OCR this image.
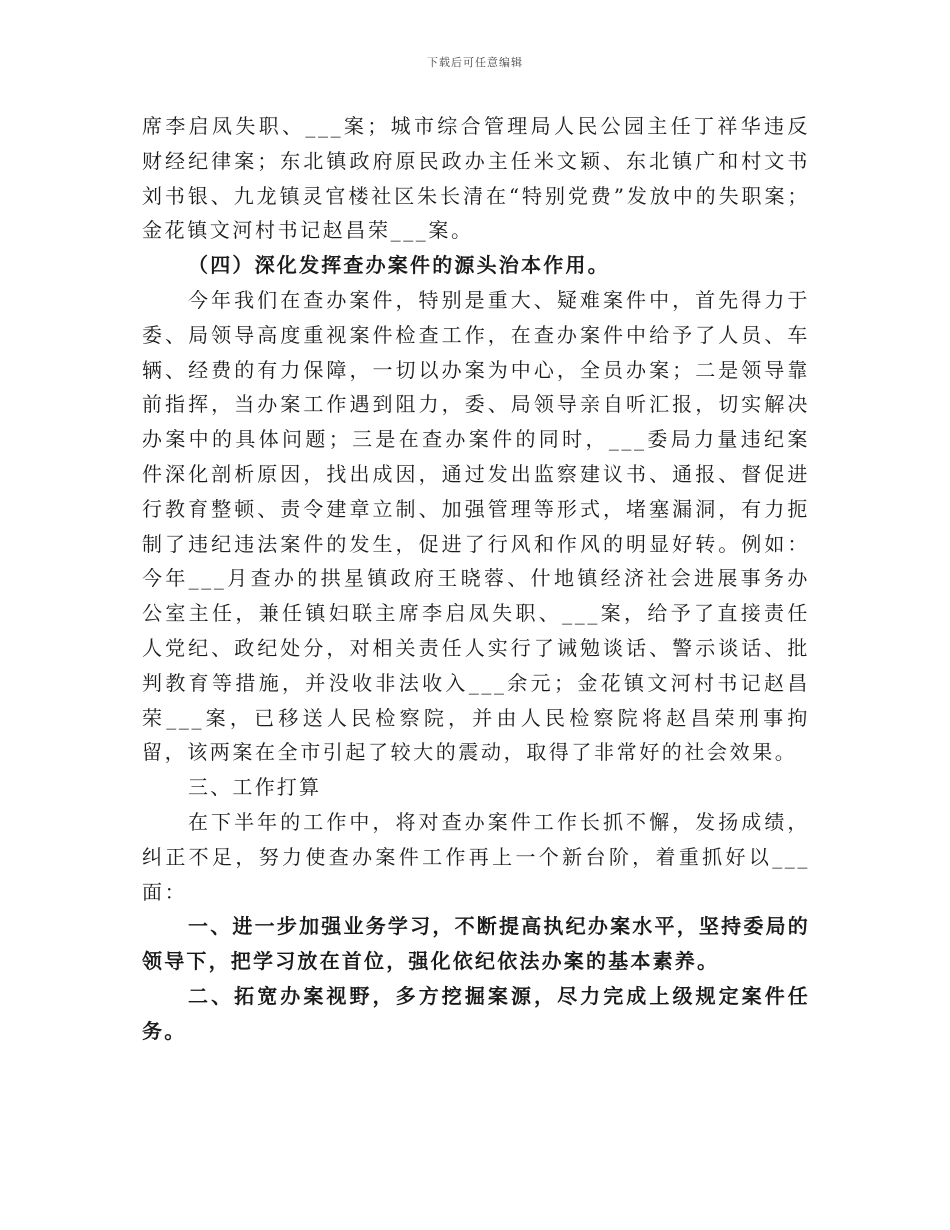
下载后可任意编辑

席李启凤失职、___案；城市综合管理局人民公园主任丁祥华违反财经纪律案；东北镇政府原民政办主任米文颖、东北镇广和村文书刘书银、九龙镇灵官楼社区朱长清在“特别党费”发放中的失职案；金花镇文河村书记赵昌荣___案。

（四）深化发挥查办案件的源头治本作用。

今年我们在查办案件，特别是重大、疑难案件中，首先得力于委、局领导高度重视案件检查工作，在查办案件中给予了人员、车辆、经费的有力保障，一切以办案为中心，全员办案；二是领导靠前指挥，当办案工作遇到阻力，委、局领导亲自听汇报，切实解决办案中的具体问题；三是在查办案件的同时，___委局力量违纪案件深化剖析原因，找出成因，通过发出监察建议书、通报、督促进行教育整顿、责令建章立制、加强管理等形式，堵塞漏洞，有力扼制了违纪违法案件的发生，促进了行风和作风的明显好转。例如：今年___月查办的拱星镇政府王晓蓉、什地镇经济社会进展事务办公室主任，兼任镇妇联主席李启凤失职、___案，给予了直接责任人党纪、政纪处分，对相关责任人实行了诫勉谈话、警示谈话、批判教育等措施，并没收非法收入___余元；金花镇文河村书记赵昌荣___案，已移送人民检察院，并由人民检察院将赵昌荣刑事拘留，该两案在全市引起了较大的震动，取得了非常好的社会效果。

三、工作打算

在下半年的工作中，将对查办案件工作长抓不懈，发扬成绩，纠正不足，努力使查办案件工作再上一个新台阶，着重抓好以___面：

一、进一步加强业务学习，不断提高执纪办案水平，坚持委局的领导下，把学习放在首位，强化依纪依法办案的基本素养。

二、拓宽办案视野，多方挖掘案源，尽力完成上级规定案件任务。
